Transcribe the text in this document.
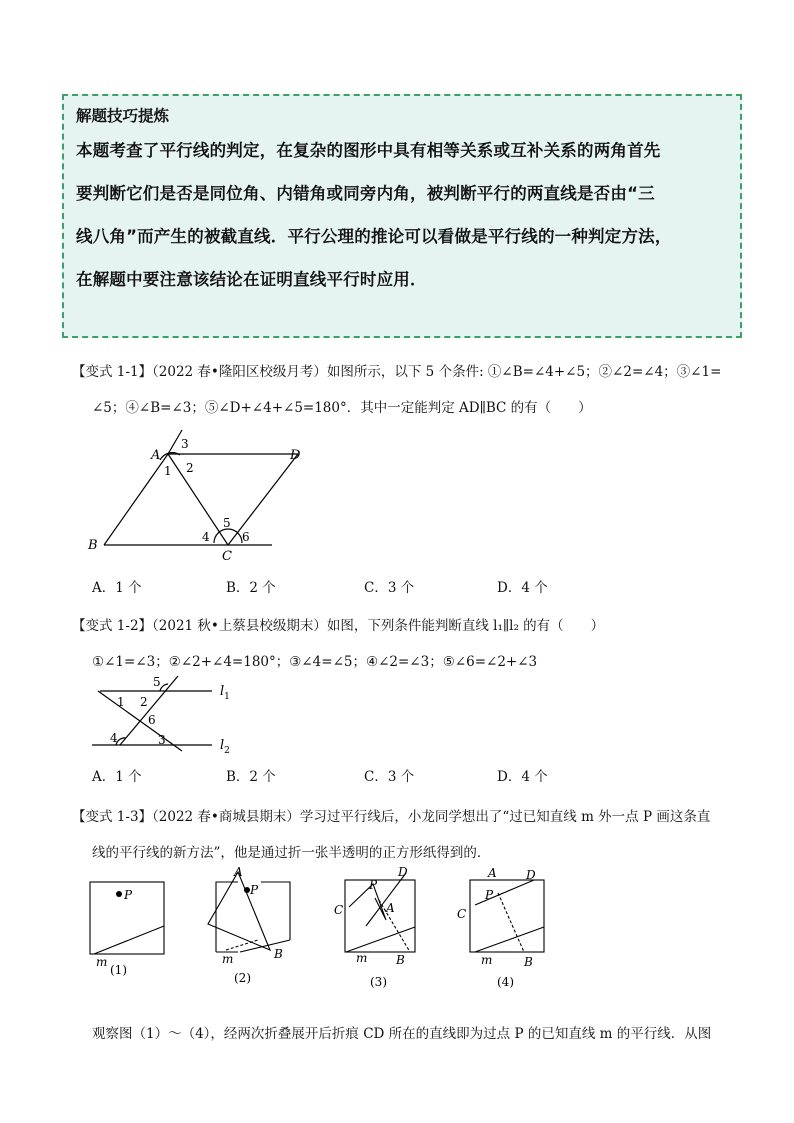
解题技巧提炼
本题考查了平行线的判定，在复杂的图形中具有相等关系或互补关系的两角首先
要判断它们是否是同位角、内错角或同旁内角，被判断平行的两直线是否由“三
线八角”而产生的被截直线．平行公理的推论可以看做是平行线的一种判定方法，
在解题中要注意该结论在证明直线平行时应用．
【变式 1-1】（2022 春•隆阳区校级月考）如图所示，以下 5 个条件: ①∠B=∠4+∠5；②∠2=∠4；③∠1=
∠5；④∠B=∠3；⑤∠D+∠4+∠5=180°．其中一定能判定 AD∥BC 的有（　　）
A
B
C
D
1 2
3
4
5
6
A．1 个	B．2 个	C．3 个	D．4 个
【变式 1-2】（2021 秋•上蔡县校级期末）如图，下列条件能判断直线 l₁∥l₂ 的有（　　）
①∠1=∠3；②∠2+∠4=180°；③∠4=∠5；④∠2=∠3；⑤∠6=∠2+∠3
5
1 2
6
3
4
$l_1$
$l_2$
A．1 个	B．2 个	C．3 个	D．4 个
【变式 1-3】（2022 春•商城县期末）学习过平行线后，小龙同学想出了“过已知直线 m 外一点 P 画这条直
线的平行线的新方法”，他是通过折一张半透明的正方形纸得到的．
P
m
A
P
m	B
P
D
C	A
m B
A D
P
C
m	B
(1)
(2)	(3)	(4)
观察图（1）～（4），经两次折叠展开后折痕 CD 所在的直线即为过点 P 的已知直线 m 的平行线．从图
